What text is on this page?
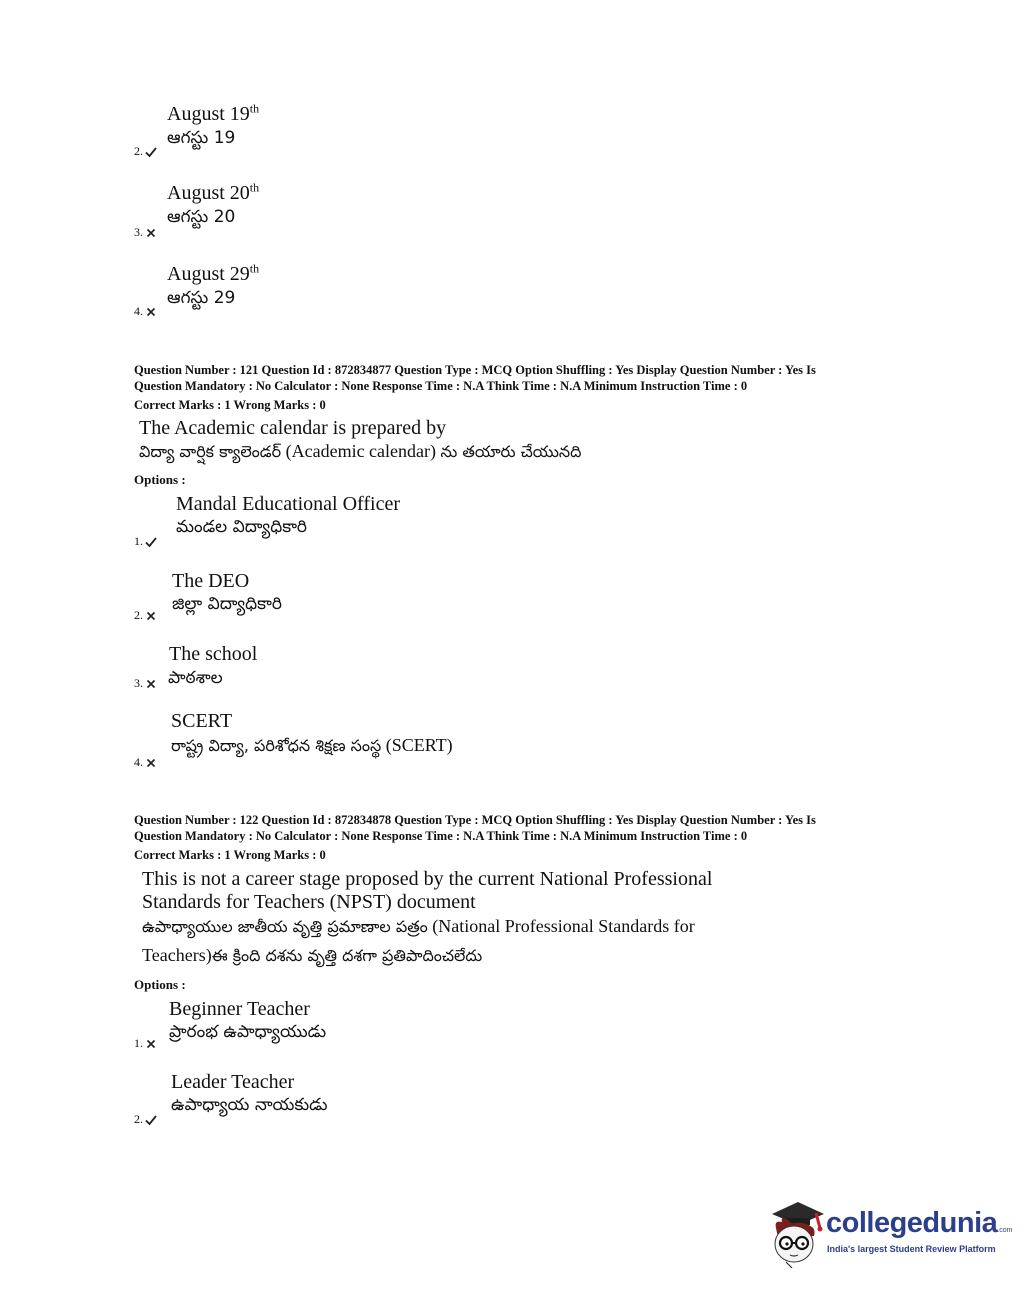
August 19th
ఆగస్టు 19
2.
August 20th
ఆగస్టు 20
3.
August 29th
ఆగస్టు 29
4.
Question Number : 121 Question Id : 872834877 Question Type : MCQ Option Shuffling : Yes Display Question Number : Yes Is
Question Mandatory : No Calculator : None Response Time : N.A Think Time : N.A Minimum Instruction Time : 0
Correct Marks : 1 Wrong Marks : 0
The Academic calendar is prepared by
విద్యా వార్షిక క్యాలెండర్ (Academic calendar) ను తయారు చేయునది
Options :
Mandal Educational Officer
మండల విద్యాధికారి
1.
The DEO
జిల్లా విద్యాధికారి
2.
The school
3.	పాఠశాల
SCERT
రాష్ట్ర విద్యా, పరిశోధన శిక్షణ సంస్థ (SCERT)
4.
Question Number : 122 Question Id : 872834878 Question Type : MCQ Option Shuffling : Yes Display Question Number : Yes Is
Question Mandatory : No Calculator : None Response Time : N.A Think Time : N.A Minimum Instruction Time : 0
Correct Marks : 1 Wrong Marks : 0
This is not a career stage proposed by the current National Professional
Standards for Teachers (NPST) document
ఉపాధ్యాయుల జాతీయ వృత్తి ప్రమాణాల పత్రం (National Professional Standards for
Teachers)ఈ క్రింది దశను వృత్తి దశగా ప్రతిపాదించలేదు
Options :
Beginner Teacher
ప్రారంభ ఉపాధ్యాయుడు
1.
Leader Teacher
ఉపాధ్యాయ నాయకుడు
2.
collegedunia.com
India's largest Student Review Platform
